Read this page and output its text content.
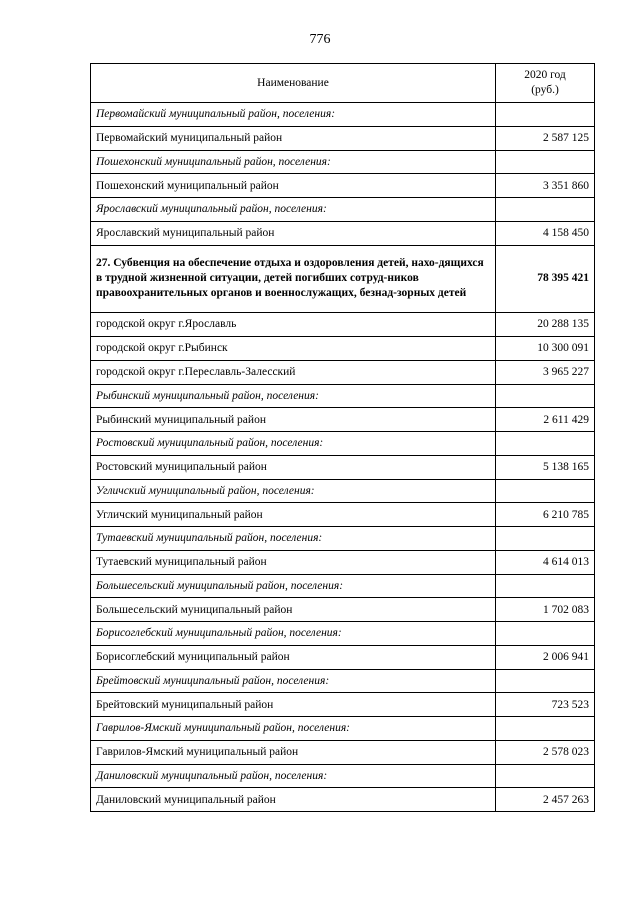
776
Наименование	2020 год
(руб.)
Первомайский муниципальный район, поселения:	
Первомайский муниципальный район	2 587 125
Пошехонский муниципальный район, поселения:	
Пошехонский муниципальный район	3 351 860
Ярославский муниципальный район, поселения:	
Ярославский муниципальный район	4 158 450
27. Субвенция на обеспечение отдыха и оздоровления детей, нахо-дящихся в трудной жизненной ситуации, детей погибших сотруд-ников правоохранительных органов и военнослужащих, безнад-зорных детей	78 395 421
городской округ г.Ярославль	20 288 135
городской округ г.Рыбинск	10 300 091
городской округ г.Переславль-Залесский	3 965 227
Рыбинский муниципальный район, поселения:	
Рыбинский муниципальный район	2 611 429
Ростовский муниципальный район, поселения:	
Ростовский муниципальный район	5 138 165
Угличский муниципальный район, поселения:	
Угличский муниципальный район	6 210 785
Тутаевский муниципальный район, поселения:	
Тутаевский муниципальный район	4 614 013
Большесельский муниципальный район, поселения:	
Большесельский муниципальный район	1 702 083
Борисоглебский муниципальный район, поселения:	
Борисоглебский муниципальный район	2 006 941
Брейтовский муниципальный район, поселения:	
Брейтовский муниципальный район	723 523
Гаврилов-Ямский муниципальный район, поселения:	
Гаврилов-Ямский муниципальный район	2 578 023
Даниловский муниципальный район, поселения:	
Даниловский муниципальный район	2 457 263
